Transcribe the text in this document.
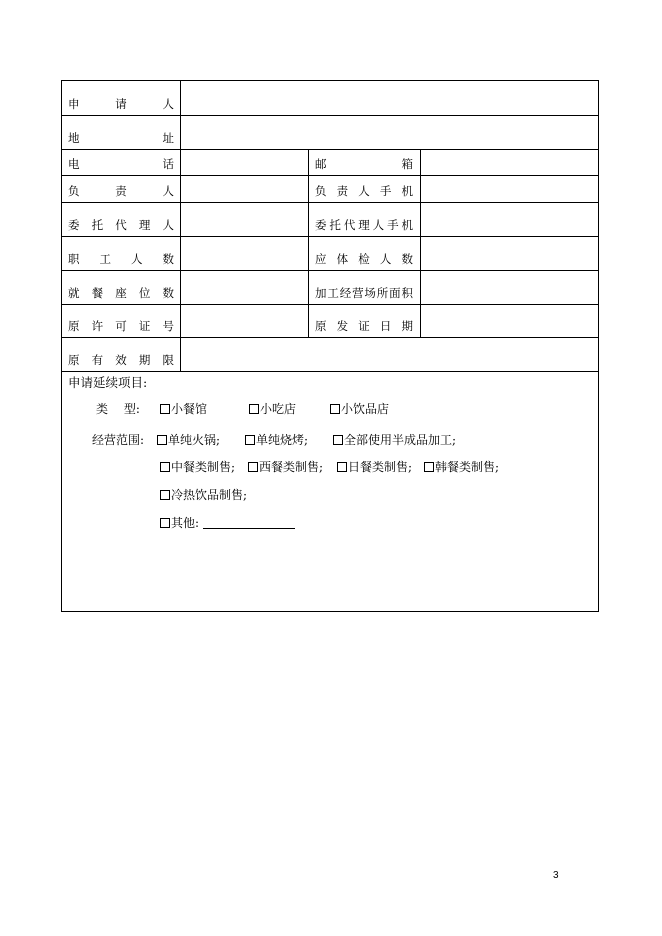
申请人
地址
电话	邮箱
负责人	负责人手机
委托代理人	委托代理人手机
职工人数	应体检人数
就餐座位数	加工经营场所面积
原许可证号	原发证日期
原有效期限
申请延续项目:
类　 型:	小餐馆	小吃店	小饮品店
经营范围:	单纯火锅;	单纯烧烤;	全部使用半成品加工;
中餐类制售;	西餐类制售;	日餐类制售;	韩餐类制售;
冷热饮品制售;
其他:
3
